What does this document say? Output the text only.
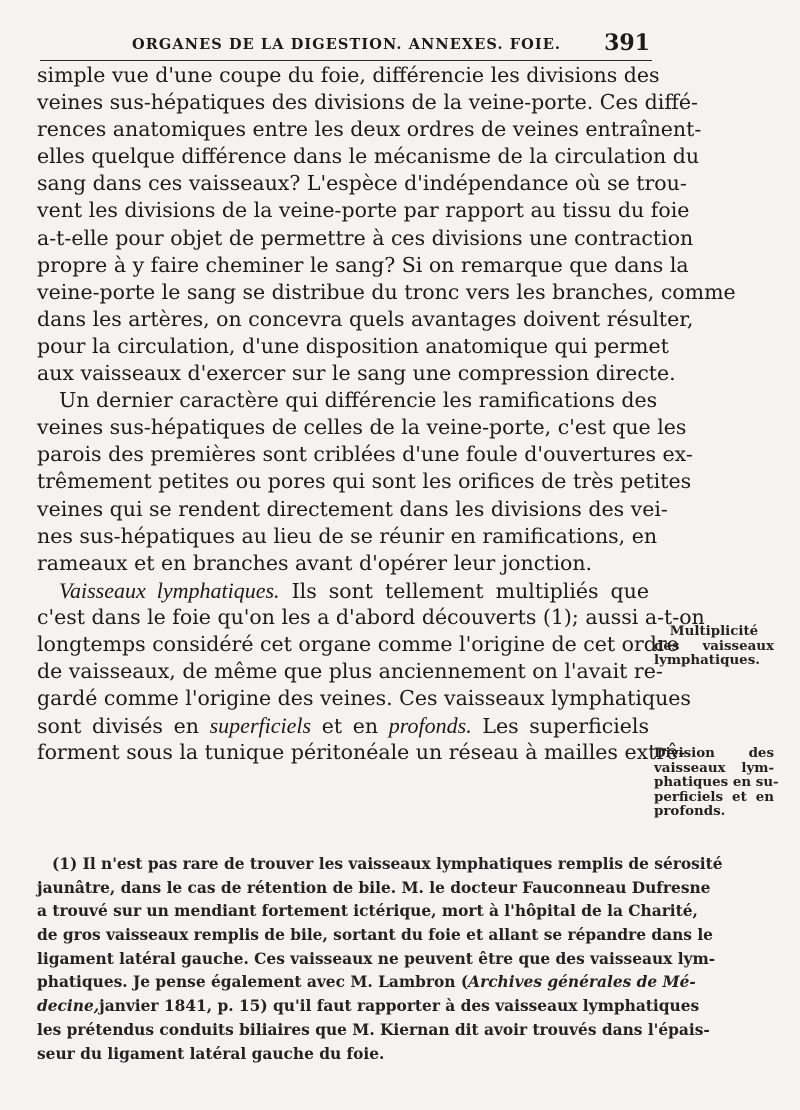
ORGANES DE LA DIGESTION. ANNEXES. FOIE. 391
simple vue d'une coupe du foie, différencie les divisions des
veines sus-hépatiques des divisions de la veine-porte. Ces diffé-
rences anatomiques entre les deux ordres de veines entraînent-
elles quelque différence dans le mécanisme de la circulation du
sang dans ces vaisseaux? L'espèce d'indépendance où se trou-
vent les divisions de la veine-porte par rapport au tissu du foie
a-t-elle pour objet de permettre à ces divisions une contraction
propre à y faire cheminer le sang? Si on remarque que dans la
veine-porte le sang se distribue du tronc vers les branches, comme
dans les artères, on concevra quels avantages doivent résulter,
pour la circulation, d'une disposition anatomique qui permet
aux vaisseaux d'exercer sur le sang une compression directe.
Un dernier caractère qui différencie les ramifications des
veines sus-hépatiques de celles de la veine-porte, c'est que les
parois des premières sont criblées d'une foule d'ouvertures ex-
trêmement petites ou pores qui sont les orifices de très petites
veines qui se rendent directement dans les divisions des vei-
nes sus-hépatiques au lieu de se réunir en ramifications, en
rameaux et en branches avant d'opérer leur jonction.
Vaisseaux lymphatiques. Ils sont tellement multipliés que
c'est dans le foie qu'on les a d'abord découverts (1); aussi a-t-on
longtemps considéré cet organe comme l'origine de cet ordre
de vaisseaux, de même que plus anciennement on l'avait re-
gardé comme l'origine des veines. Ces vaisseaux lymphatiques
sont divisés en superficiels et en profonds. Les superficiels
forment sous la tunique péritonéale un réseau à mailles extrê-
Multiplicité
des vaisseaux
lymphatiques.
Division des
vaisseaux lym-
phatiques en su-
perficiels et en
profonds.
(1) Il n'est pas rare de trouver les vaisseaux lymphatiques remplis de sérosité
jaunâtre, dans le cas de rétention de bile. M. le docteur Fauconneau Dufresne
a trouvé sur un mendiant fortement ictérique, mort à l'hôpital de la Charité,
de gros vaisseaux remplis de bile, sortant du foie et allant se répandre dans le
ligament latéral gauche. Ces vaisseaux ne peuvent être que des vaisseaux lym-
phatiques. Je pense également avec M. Lambron (Archives générales de Mé-
decine,janvier 1841, p. 15) qu'il faut rapporter à des vaisseaux lymphatiques
les prétendus conduits biliaires que M. Kiernan dit avoir trouvés dans l'épais-
seur du ligament latéral gauche du foie.
